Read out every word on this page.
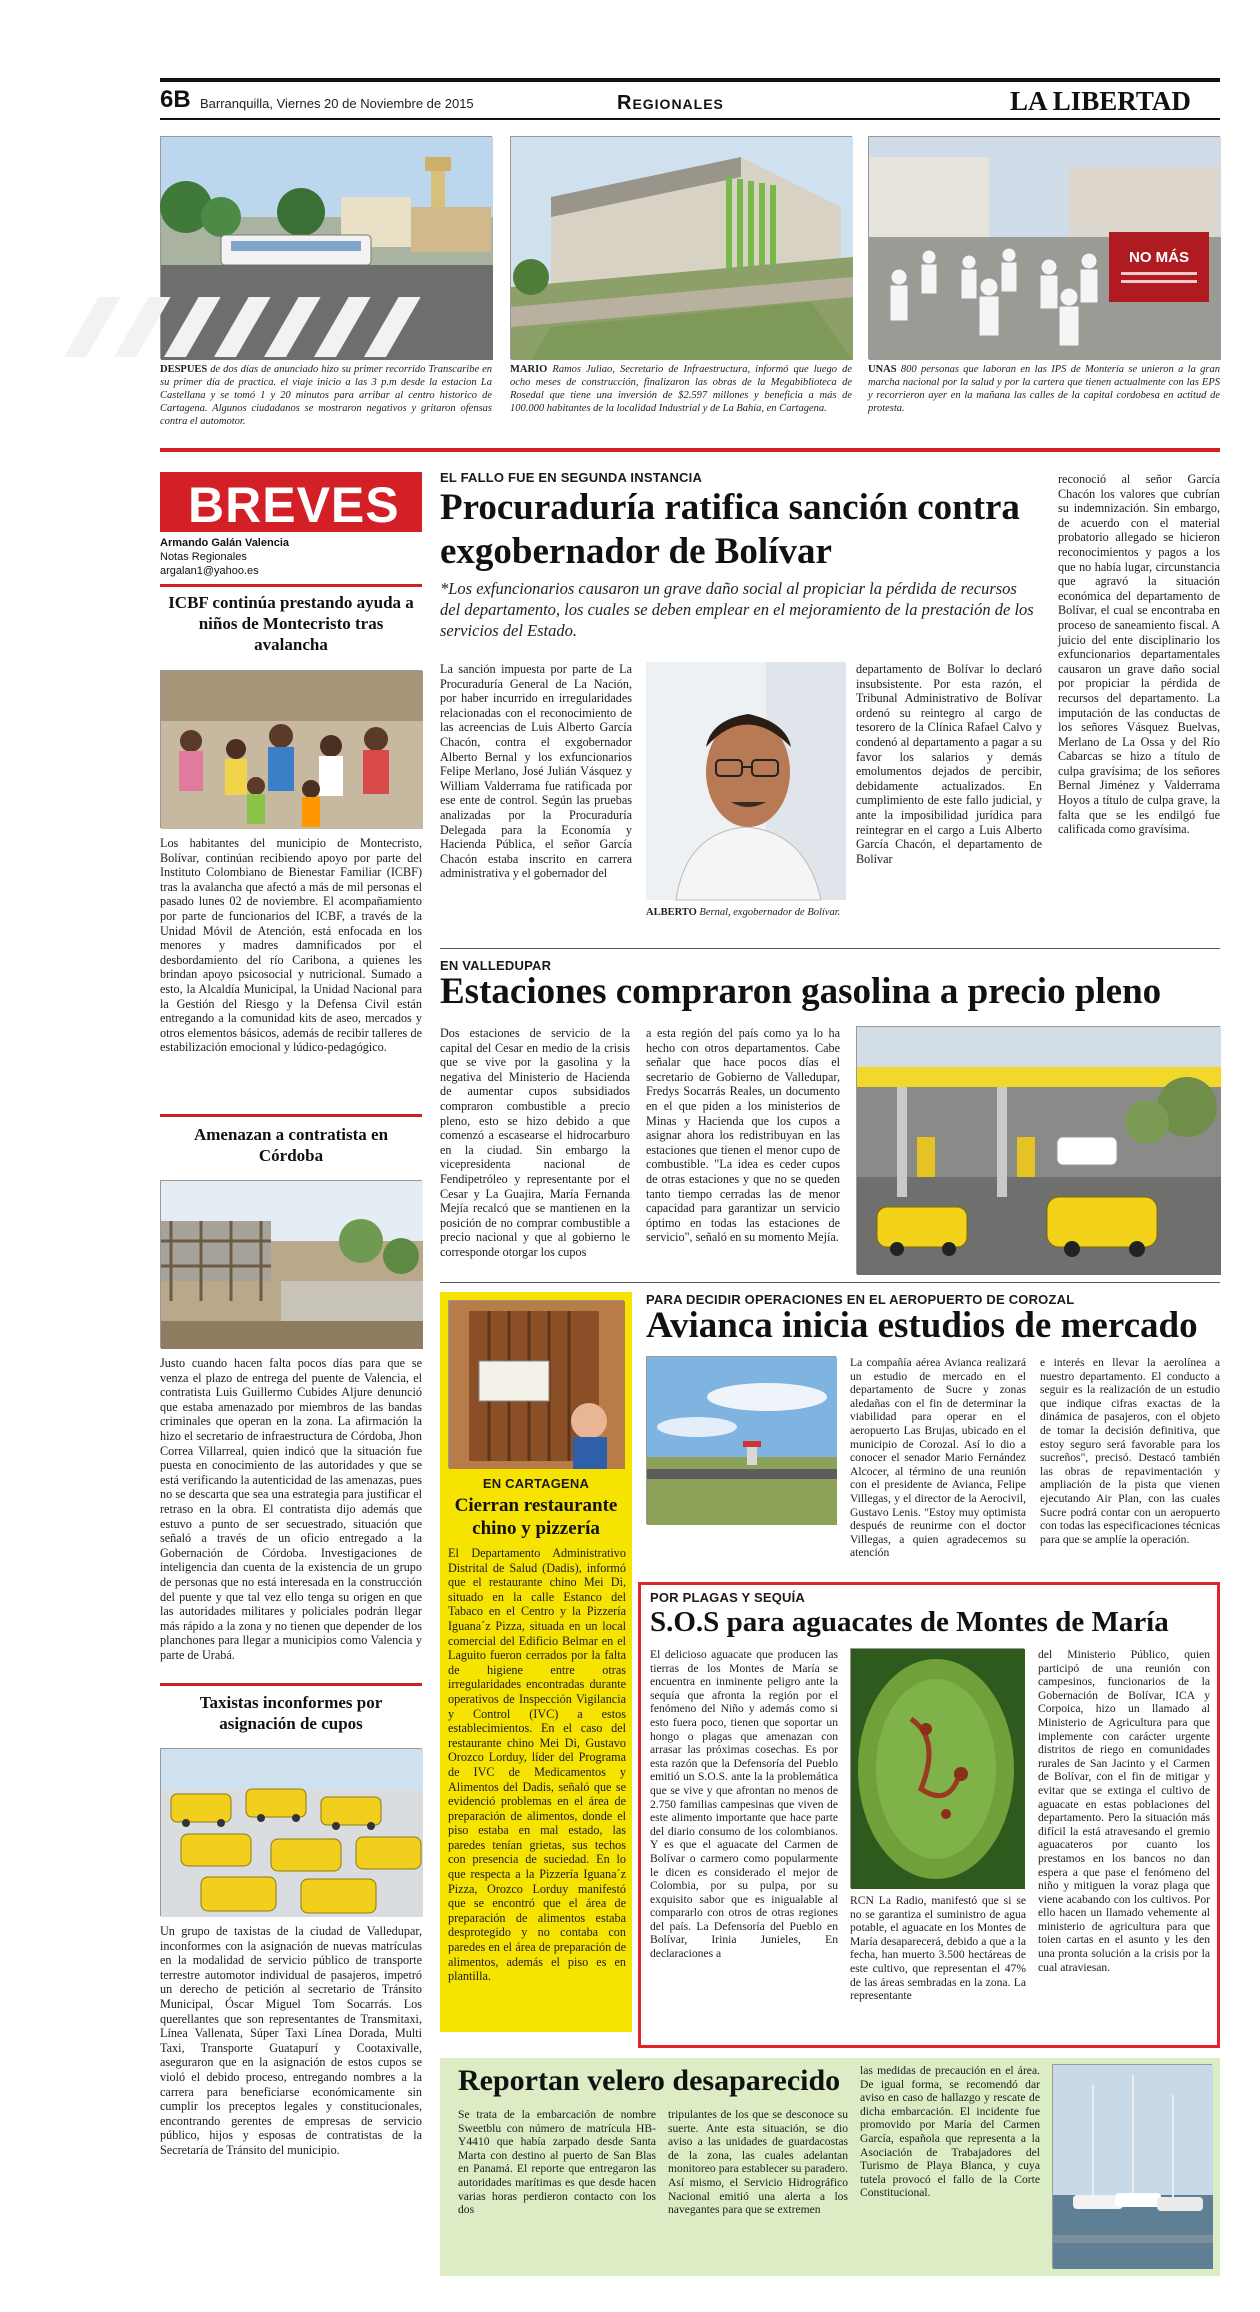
6B Barranquilla, Viernes 20 de Noviembre de 2015	Regionales	LA LIBERTAD
DESPUES de dos días de anunciado hizo su primer recorrido Transcaribe en su primer día de practica. el viaje inicio a las 3 p.m desde la estacion La Castellana y se tomó 1 y 20 minutos para arribar al centro historico de Cartagena. Algunos ciudadanos se mostraron negativos y gritaron ofensas contra el automotor.
MARIO Ramos Juliao, Secretario de Infraestructura, informó que luego de ocho meses de construcción, finalizaron las obras de la Megabiblioteca de Rosedal que tiene una inversión de $2.597 millones y beneficia a más de 100.000 habitantes de la localidad Industrial y de La Bahía, en Cartagena.
NO MÁS
UNAS 800 personas que laboran en las IPS de Montería se unieron a la gran marcha nacional por la salud y por la cartera que tienen actualmente con las EPS y recorrieron ayer en la mañana las calles de la capital cordobesa en actitud de protesta.
BREVES
Armando Galán Valencia
Notas Regionales
argalan1@yahoo.es
ICBF continúa prestando ayuda a niños de Montecristo tras avalancha
Los habitantes del municipio de Montecristo, Bolívar, continúan recibiendo apoyo por parte del Instituto Colombiano de Bienestar Familiar (ICBF) tras la avalancha que afectó a más de mil personas el pasado lunes 02 de noviembre. El acompañamiento por parte de funcionarios del ICBF, a través de la Unidad Móvil de Atención, está enfocada en los menores y madres damnificados por el desbordamiento del río Caribona, a quienes les brindan apoyo psicosocial y nutricional. Sumado a esto, la Alcaldía Municipal, la Unidad Nacional para la Gestión del Riesgo y la Defensa Civil están entregando a la comunidad kits de aseo, mercados y otros elementos básicos, además de recibir talleres de estabilización emocional y lúdico-pedagógico.
Amenazan a contratista en Córdoba
Justo cuando hacen falta pocos días para que se venza el plazo de entrega del puente de Valencia, el contratista Luis Guillermo Cubides Aljure denunció que estaba amenazado por miembros de las bandas criminales que operan en la zona. La afirmación la hizo el secretario de infraestructura de Córdoba, Jhon Correa Villarreal, quien indicó que la situación fue puesta en conocimiento de las autoridades y que se está verificando la autenticidad de las amenazas, pues no se descarta que sea una estrategia para justificar el retraso en la obra. El contratista dijo además que estuvo a punto de ser secuestrado, situación que señaló a través de un oficio entregado a la Gobernación de Córdoba. Investigaciones de inteligencia dan cuenta de la existencia de un grupo de personas que no está interesada en la construcción del puente y que tal vez ello tenga su origen en que las autoridades militares y policiales podrán llegar más rápido a la zona y no tienen que depender de los planchones para llegar a municipios como Valencia y parte de Urabá.
Taxistas inconformes por asignación de cupos
Un grupo de taxistas de la ciudad de Valledupar, inconformes con la asignación de nuevas matrículas en la modalidad de servicio público de transporte terrestre automotor individual de pasajeros, impetró un derecho de petición al secretario de Tránsito Municipal, Óscar Miguel Tom Socarrás. Los querellantes que son representantes de Transmitaxi, Línea Vallenata, Súper Taxi Línea Dorada, Multi Taxi, Transporte Guatapurí y Cootaxivalle, aseguraron que en la asignación de estos cupos se violó el debido proceso, entregando nombres a la carrera para beneficiarse económicamente sin cumplir los preceptos legales y constitucionales, encontrando gerentes de empresas de servicio público, hijos y esposas de contratistas de la Secretaría de Tránsito del municipio.
EL FALLO FUE EN SEGUNDA INSTANCIA
Procuraduría ratifica sanción contra exgobernador de Bolívar
*Los exfuncionarios causaron un grave daño social al propiciar la pérdida de recursos del departamento, los cuales se deben emplear en el mejoramiento de la prestación de los servicios del Estado.
La sanción impuesta por parte de La Procuraduría General de La Nación, por haber incurrido en irregularidades relacionadas con el reconocimiento de las acreencias de Luis Alberto García Chacón, contra el exgobernador Alberto Bernal y los exfuncionarios Felipe Merlano, José Julián Vásquez y William Valderrama fue ratificada por ese ente de control. Según las pruebas analizadas por la Procuraduría Delegada para la Economía y Hacienda Pública, el señor García Chacón estaba inscrito en carrera administrativa y el gobernador del
ALBERTO Bernal, exgobernador de Bolívar.
departamento de Bolívar lo declaró insubsistente. Por esta razón, el Tribunal Administrativo de Bolívar ordenó su reintegro al cargo de tesorero de la Clínica Rafael Calvo y condenó al departamento a pagar a su favor los salarios y demás emolumentos dejados de percibir, debidamente actualizados. En cumplimiento de este fallo judicial, y ante la imposibilidad jurídica para reintegrar en el cargo a Luis Alberto García Chacón, el departamento de Bolívar
reconoció al señor García Chacón los valores que cubrían su indemnización. Sin embargo, de acuerdo con el material probatorio allegado se hicieron reconocimientos y pagos a los que no había lugar, circunstancia que agravó la situación económica del departamento de Bolívar, el cual se encontraba en proceso de saneamiento fiscal. A juicio del ente disciplinario los exfuncionarios departamentales causaron un grave daño social por propiciar la pérdida de recursos del departamento. La imputación de las conductas de los señores Vásquez Buelvas, Merlano de La Ossa y del Río Cabarcas se hizo a título de culpa gravísima; de los señores Bernal Jiménez y Valderrama Hoyos a título de culpa grave, la falta que se les endilgó fue calificada como gravísima.
EN VALLEDUPAR
Estaciones compraron gasolina a precio pleno
Dos estaciones de servicio de la capital del Cesar en medio de la crisis que se vive por la gasolina y la negativa del Ministerio de Hacienda de aumentar cupos subsidiados compraron combustible a precio pleno, esto se hizo debido a que comenzó a escasearse el hidrocarburo en la ciudad. Sin embargo la vicepresidenta nacional de Fendipetróleo y representante por el Cesar y La Guajira, María Fernanda Mejía recalcó que se mantienen en la posición de no comprar combustible a precio nacional y que al gobierno le corresponde otorgar los cupos
a esta región del país como ya lo ha hecho con otros departamentos. Cabe señalar que hace pocos días el secretario de Gobierno de Valledupar, Fredys Socarrás Reales, un documento en el que piden a los ministerios de Minas y Hacienda que los cupos a asignar ahora los redistribuyan en las estaciones que tienen el menor cupo de combustible. "La idea es ceder cupos de otras estaciones y que no se queden tanto tiempo cerradas las de menor capacidad para garantizar un servicio óptimo en todas las estaciones de servicio", señaló en su momento Mejía.
EN CARTAGENA
Cierran restaurante chino y pizzería
El Departamento Administrativo Distrital de Salud (Dadis), informó que el restaurante chino Mei Di, situado en la calle Estanco del Tabaco en el Centro y la Pizzería Iguana´z Pizza, situada en un local comercial del Edificio Belmar en el Laguito fueron cerrados por la falta de higiene entre otras irregularidades encontradas durante operativos de Inspección Vigilancia y Control (IVC) a estos establecimientos. En el caso del restaurante chino Mei Di, Gustavo Orozco Lorduy, líder del Programa de IVC de Medicamentos y Alimentos del Dadis, señaló que se evidenció problemas en el área de preparación de alimentos, donde el piso estaba en mal estado, las paredes tenían grietas, sus techos con presencia de suciedad. En lo que respecta a la Pizzería Iguana´z Pizza, Orozco Lorduy manifestó que se encontró que el área de preparación de alimentos estaba desprotegido y no contaba con paredes en el área de preparación de alimentos, además el piso es en plantilla.
PARA DECIDIR OPERACIONES EN EL AEROPUERTO DE COROZAL
Avianca inicia estudios de mercado
La compañía aérea Avianca realizará un estudio de mercado en el departamento de Sucre y zonas aledañas con el fin de determinar la viabilidad para operar en el aeropuerto Las Brujas, ubicado en el municipio de Corozal. Así lo dio a conocer el senador Mario Fernández Alcocer, al término de una reunión con el presidente de Avianca, Felipe Villegas, y el director de la Aerocivil, Gustavo Lenis. "Estoy muy optimista después de reunirme con el doctor Villegas, a quien agradecemos su atención
e interés en llevar la aerolínea a nuestro departamento. El conducto a seguir es la realización de un estudio que indique cifras exactas de la dinámica de pasajeros, con el objeto de tomar la decisión definitiva, que estoy seguro será favorable para los sucreños", precisó. Destacó también las obras de repavimentación y ampliación de la pista que vienen ejecutando Air Plan, con las cuales Sucre podrá contar con un aeropuerto con todas las especificaciones técnicas para que se amplíe la operación.
POR PLAGAS Y SEQUÍA
S.O.S para aguacates de Montes de María
El delicioso aguacate que producen las tierras de los Montes de María se encuentra en inminente peligro ante la sequía que afronta la región por el fenómeno del Niño y además como si esto fuera poco, tienen que soportar un hongo o plagas que amenazan con arrasar las próximas cosechas. Es por esta razón que la Defensoría del Pueblo emitió un S.O.S. ante la la problemática que se vive y que afrontan no menos de 2.750 familias campesinas que viven de este alimento importante que hace parte del diario consumo de los colombianos. Y es que el aguacate del Carmen de Bolívar o carmero como popularmente le dicen es considerado el mejor de Colombia, por su pulpa, por su exquisito sabor que es inigualable al compararlo con otros de otras regiones del país. La Defensoría del Pueblo en Bolívar, Irinia Junieles, En declaraciones a
RCN La Radio, manifestó que si se no se garantiza el suministro de agua potable, el aguacate en los Montes de María desaparecerá, debido a que a la fecha, han muerto 3.500 hectáreas de este cultivo, que representan el 47% de las áreas sembradas en la zona. La representante
del Ministerio Público, quien participó de una reunión con campesinos, funcionarios de la Gobernación de Bolívar, ICA y Corpoica, hizo un llamado al Ministerio de Agricultura para que implemente con carácter urgente distritos de riego en comunidades rurales de San Jacinto y el Carmen de Bolívar, con el fin de mitigar y evitar que se extinga el cultivo de aguacate en estas poblaciones del departamento. Pero la situación más difícil la está atravesando el gremio aguacateros por cuanto los prestamos en los bancos no dan espera a que pase el fenómeno del niño y mitiguen la voraz plaga que viene acabando con los cultivos. Por ello hacen un llamado vehemente al ministerio de agricultura para que toien cartas en el asunto y les den una pronta solución a la crisis por la cual atraviesan.
Reportan velero desaparecido
Se trata de la embarcación de nombre Sweetblu con número de matrícula HB-Y4410 que había zarpado desde Santa Marta con destino al puerto de San Blas en Panamá. El reporte que entregaron las autoridades marítimas es que desde hacen varias horas perdieron contacto con los dos
tripulantes de los que se desconoce su suerte. Ante esta situación, se dio aviso a las unidades de guardacostas de la zona, las cuales adelantan monitoreo para establecer su paradero. Así mismo, el Servicio Hidrográfico Nacional emitió una alerta a los navegantes para que se extremen
las medidas de precaución en el área. De igual forma, se recomendó dar aviso en caso de hallazgo y rescate de dicha embarcación. El incidente fue promovido por María del Carmen García, española que representa a la Asociación de Trabajadores del Turismo de Playa Blanca, y cuya tutela provocó el fallo de la Corte Constitucional.
